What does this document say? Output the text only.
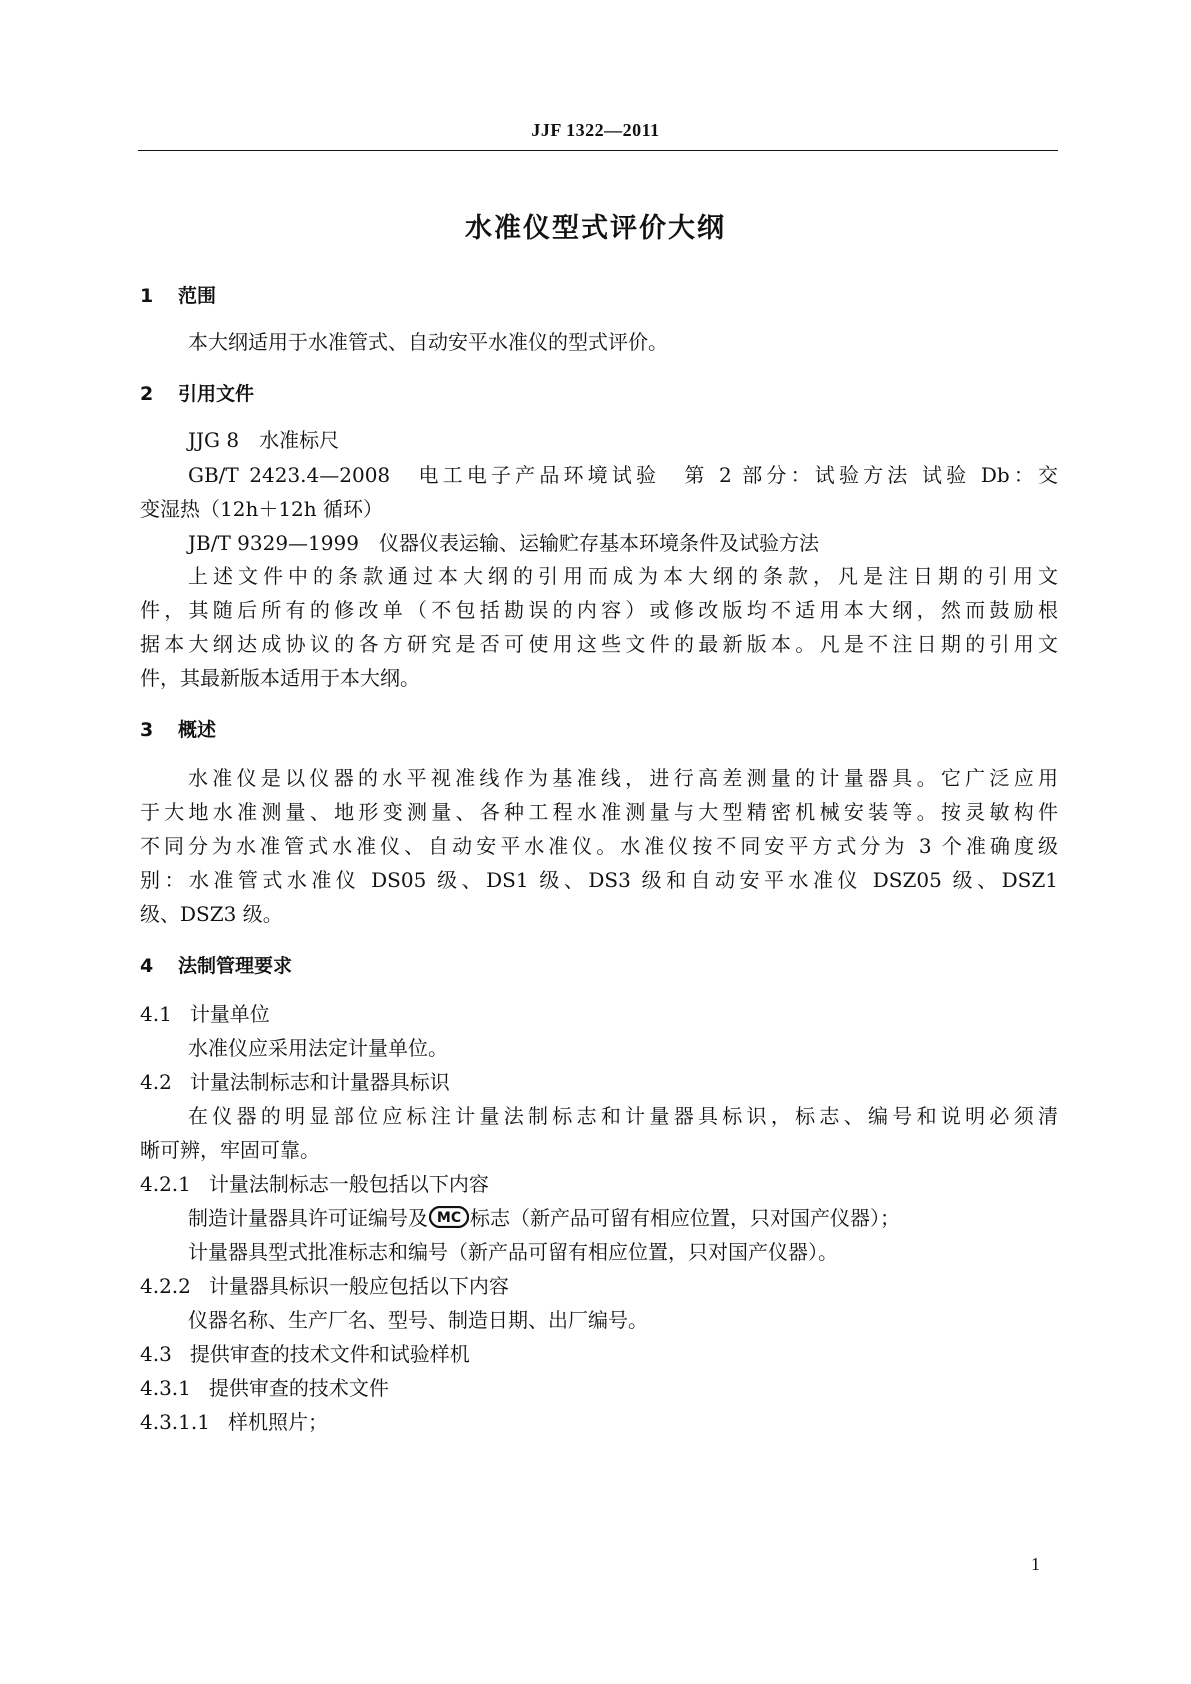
JJF 1322—2011
水准仪型式评价大纲
1 范围
本大纲适用于水准管式、自动安平水准仪的型式评价。
2 引用文件
JJG 8　水准标尺
GB/T 2423.4—2008　电工电子产品环境试验　第 2 部分：试验方法 试验 Db：交
变湿热（12h＋12h 循环）
JB/T 9329—1999　仪器仪表运输、运输贮存基本环境条件及试验方法
上述文件中的条款通过本大纲的引用而成为本大纲的条款，凡是注日期的引用文
件，其随后所有的修改单（不包括勘误的内容）或修改版均不适用本大纲，然而鼓励根
据本大纲达成协议的各方研究是否可使用这些文件的最新版本。凡是不注日期的引用文
件，其最新版本适用于本大纲。
3 概述
水准仪是以仪器的水平视准线作为基准线，进行高差测量的计量器具。它广泛应用
于大地水准测量、地形变测量、各种工程水准测量与大型精密机械安装等。按灵敏构件
不同分为水准管式水准仪、自动安平水准仪。水准仪按不同安平方式分为 3 个准确度级
别：水准管式水准仪 DS05 级、DS1 级、DS3 级和自动安平水准仪 DSZ05 级、DSZ1
级、DSZ3 级。
4 法制管理要求
4.1 计量单位
水准仪应采用法定计量单位。
4.2 计量法制标志和计量器具标识
在仪器的明显部位应标注计量法制标志和计量器具标识，标志、编号和说明必须清
晰可辨，牢固可靠。
4.2.1 计量法制标志一般包括以下内容
制造计量器具许可证编号及 MC 标志（新产品可留有相应位置，只对国产仪器）；
计量器具型式批准标志和编号（新产品可留有相应位置，只对国产仪器）。
4.2.2 计量器具标识一般应包括以下内容
仪器名称、生产厂名、型号、制造日期、出厂编号。
4.3 提供审查的技术文件和试验样机
4.3.1 提供审查的技术文件
4.3.1.1 样机照片；
1
